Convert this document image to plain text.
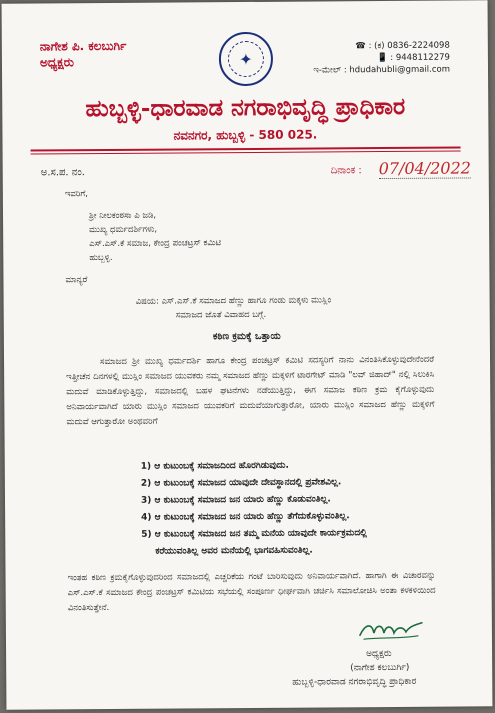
ನಾಗೇಶ ಪಿ. ಕಲಬುರ್ಗಿ
ಅಧ್ಯಕ್ಷರು	✦
☎ : (ಕ) 0836-2224098
📱 : 9448112279
ಇ-ಮೇಲ್ : hdudahubli@gmail.com
ಹುಬ್ಬಳ್ಳಿ-ಧಾರವಾಡ ನಗರಾಭಿವೃದ್ಧಿ ಪ್ರಾಧಿಕಾರ
ನವನಗರ, ಹುಬ್ಬಳ್ಳಿ - 580 025.
ಅ.ಸ.ಪ. ನಂ.	ದಿನಾಂಕ : 07/04/2022
ಇವರಿಗೆ,
ಶ್ರೀ ನೀಲಕಂಠಸಾ ಪಿ ಜಡಿ,
ಮುಖ್ಯ ಧರ್ಮದರ್ಶಿಗಳು,
ಎಸ್.ಎಸ್.ಕೆ ಸಮಾಜ, ಕೇಂದ್ರ ಪಂಚಟ್ರಸ್ ಕಮಿಟಿ
ಹುಬ್ಬಳ್ಳಿ.
ಮಾನ್ಯರೆ
ವಿಷಯ: ಎಸ್.ಎಸ್.ಕೆ ಸಮಾಜದ ಹೆಣ್ಣು ಹಾಗೂ ಗಂಡು ಮಕ್ಕಳು ಮುಸ್ಲಿಂ
ಸಮಾಜದ ಜೊತೆ ವಿವಾಹದ ಬಗ್ಗೆ.
ಕಠಿಣ ಕ್ರಮಕ್ಕೆ ಒತ್ತಾಯ
ಸಮಾಜದ ಶ್ರೀ ಮುಖ್ಯ ಧರ್ಮದರ್ಶಿ ಹಾಗೂ ಕೇಂದ್ರ ಪಂಚಟ್ರಸ್ ಕಮಿಟಿ ಸದಸ್ಯರಿಗೆ ನಾನು ವಿನಂತಿಸಿಕೊಳ್ಳುವುದೇನೆಂದರೆ ಇತ್ತೀಚೆನ ದಿನಗಳಲ್ಲಿ ಮುಸ್ಲಿಂ ಸಮಾಜದ ಯುವಕರು ನಮ್ಮ ಸಮಾಜದ ಹೆಣ್ಣು ಮಕ್ಕಳಿಗೆ ಟಾರಗೇಟ್ ಮಾಡಿ "ಲವ್ ಜಿಹಾದ್" ನಲ್ಲಿ ಸಿಲುಕಿಸಿ ಮದುವೆ ಮಾಡಿಕೊಳ್ಳುತ್ತಿದ್ದು, ಸಮಾಜದಲ್ಲಿ ಬಹಳ ಘಟನೆಗಳು ನಡೆಯುತ್ತಿದ್ದು, ಈಗ ಸಮಾಜ ಕಠಿಣ ಕ್ರಮ ಕೈಗೊಳ್ಳುವುದು ಅನಿವಾರ್ಯವಾಗಿದೆ ಯಾರು ಮುಸ್ಲಿಂ ಸಮಾಜದ ಯುವಕರಿಗೆ ಮದುವೆಯಾಗುತ್ತಾರೋ, ಯಾರು ಮುಸ್ಲಿಂ ಸಮಾಜದ ಹೆಣ್ಣು ಮಕ್ಕಳಿಗೆ ಮದುವೆ ಆಗುತ್ತಾರೋ ಅಂಥವರಿಗೆ
1) ಆ ಕುಟುಂಬಕ್ಕೆ ಸಮಾಜದಿಂದ ಹೊರಗಿಡುವುದು.
2) ಆ ಕುಟುಂಬಕ್ಕೆ ಸಮಾಜದ ಯಾವುದೇ ದೇವಸ್ಥಾನದಲ್ಲಿ ಪ್ರವೇಶವಿಲ್ಲ.
3) ಆ ಕುಟುಂಬಕ್ಕೆ ಸಮಾಜದ ಜನ ಯಾರು ಹೆಣ್ಣು ಕೊಡುವಂತಿಲ್ಲ.
4) ಆ ಕುಟುಂಬಕ್ಕೆ ಸಮಾಜದ ಜನ ಯಾರು ಹೆಣ್ಣು ತೆಗೆದುಕೊಳ್ಳುವಂತಿಲ್ಲ.
5) ಆ ಕುಟುಂಬಕ್ಕೆ ಸಮಾಜದ ಜನ ತಮ್ಮ ಮನೆಯ ಯಾವುದೇ ಕಾರ್ಯಕ್ರಮದಲ್ಲಿ
ಕರೆಯುವಂತಿಲ್ಲ ಅವರ ಮನೆಯಲ್ಲಿ ಭಾಗವಹಿಸುವಂತಿಲ್ಲ.
ಇಂತಹ ಕಠಿಣ ಕ್ರಮಕೈಗೊಳ್ಳುವುದರಿಂದ ಸಮಾಜದಲ್ಲಿ ಎಚ್ಚರಿಕೆಯ ಗಂಟೆ ಬಾರಿಸುವುದು ಅನಿವಾರ್ಯವಾಗಿದೆ. ಹಾಗಾಗಿ ಈ ವಿಚಾರವನ್ನು ಎಸ್.ಎಸ್.ಕೆ ಸಮಾಜದ ಕೇಂದ್ರ ಪಂಚಟ್ರಸ್ ಕಮಿಟಿಯ ಸಭೆಯಲ್ಲಿ ಸಂಪೂರ್ಣ ಧೀರ್ಘವಾಗಿ ಚರ್ಚಿಸಿ ಸಮಾಲೋಚಿಸಿ ಅಂತಾ ಕಳಕಳಿಯಿಂದ ವಿನಂತಿಸುತ್ತೇನೆ.
ಅಧ್ಯಕ್ಷರು
(ನಾಗೇಶ ಕಲಬುರ್ಗಿ)
ಹುಬ್ಬಳ್ಳಿ-ಧಾರವಾಡ ನಗರಾಭಿವೃದ್ಧಿ ಪ್ರಾಧಿಕಾರ
